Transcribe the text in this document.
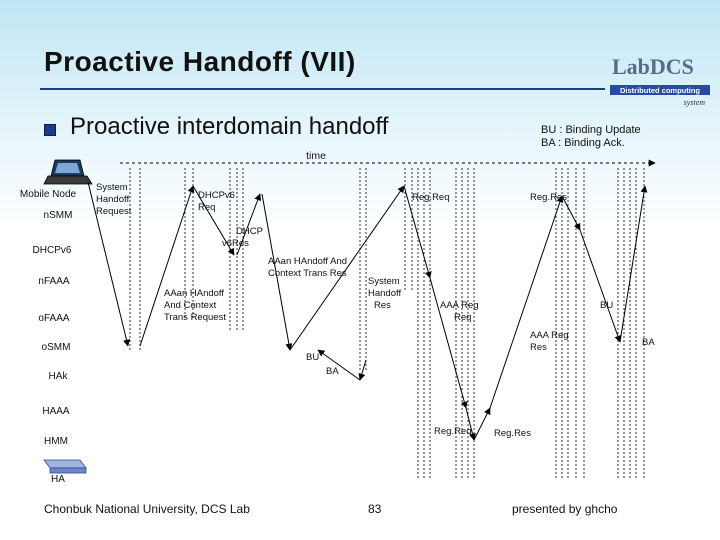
Proactive Handoff (VII)
Proactive interdomain handoff	BU : Binding Update
BA : Binding Ack.
LabDCS
Distributed computing
system
time
Mobile Node
nSMM
DHCPv6
nFAAA
oFAAA
oSMM
HAk
HAAA
HMM
HA
System Handoff Request
DHCPv6 Req
DHCP v6Res
AAan HAndoff And Context Trans Res
AAan HAndoff And Context Trans Request
System Handoff Res
Reg.Req	Reg.Res
AAA Reg Req
AAA Reg Res
BU
BA
BU
BA
Reg.Req Reg.Res
Chonbuk National University, DCS Lab	83	presented by ghcho
